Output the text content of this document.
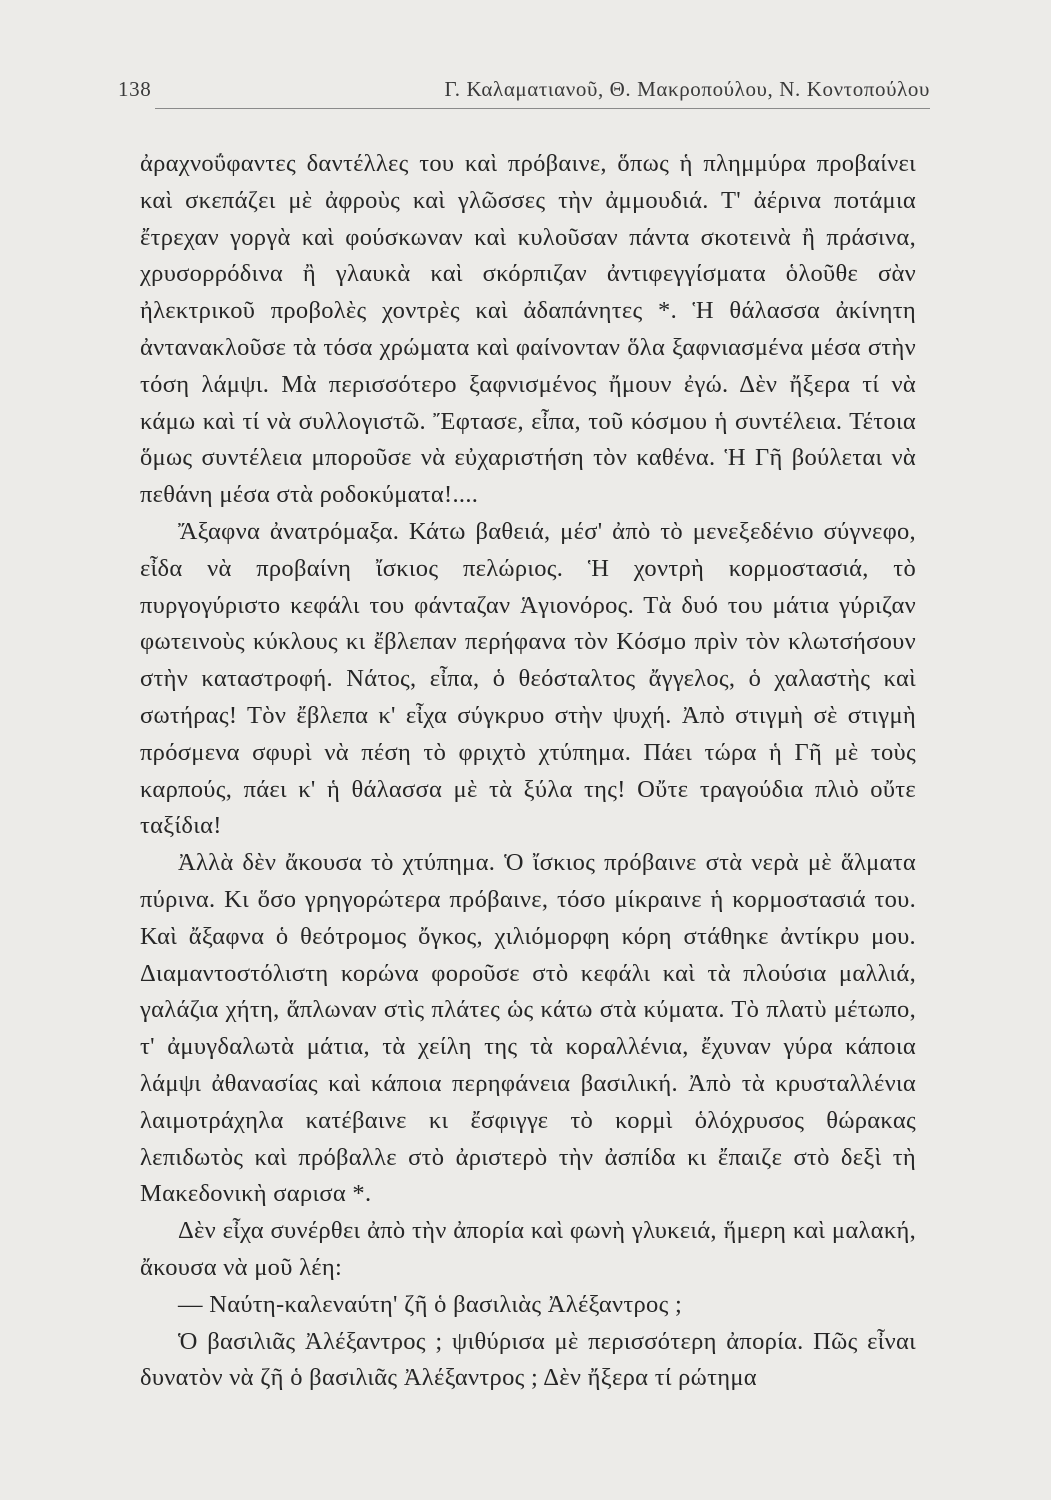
138	Γ. Καλαματιανοῦ, Θ. Μακροπούλου, Ν. Κοντοπούλου

ἀραχνοΰφαντες δαντέλλες του καὶ πρόβαινε, ὅπως ἡ πλημμύρα προβαίνει καὶ σκεπάζει μὲ ἀφροὺς καὶ γλῶσσες τὴν ἀμμουδιά. Τ' ἀέρινα ποτάμια ἔτρεχαν γοργὰ καὶ φούσκωναν καὶ κυλοῦσαν πάντα σκοτεινὰ ἢ πράσινα, χρυσορρόδινα ἢ γλαυκὰ καὶ σκόρπιζαν ἀντιφεγγίσματα ὁλοῦθε σὰν ἠλεκτρικοῦ προβολὲς χοντρὲς καὶ ἀδαπάνητες *. Ἡ θάλασσα ἀκίνητη ἀντανακλοῦσε τὰ τόσα χρώματα καὶ φαίνονταν ὅλα ξαφνιασμένα μέσα στὴν τόση λάμψι. Μὰ περισσότερο ξαφνισμένος ἤμουν ἐγώ. Δὲν ἤξερα τί νὰ κάμω καὶ τί νὰ συλλογιστῶ. Ἔφτασε, εἶπα, τοῦ κόσμου ἡ συντέλεια. Τέτοια ὅμως συντέλεια μποροῦσε νὰ εὐχαριστήση τὸν καθένα. Ἡ Γῆ βούλεται νὰ πεθάνη μέσα στὰ ροδοκύματα!....

Ἄξαφνα ἀνατρόμαξα. Κάτω βαθειά, μέσ' ἀπὸ τὸ μενεξεδένιο σύγνεφο, εἶδα νὰ προβαίνη ἴσκιος πελώριος. Ἡ χοντρὴ κορμοστασιά, τὸ πυργογύριστο κεφάλι του φάνταζαν Ἁγιονόρος. Τὰ δυό του μάτια γύριζαν φωτεινοὺς κύκλους κι ἔβλεπαν περήφανα τὸν Κόσμο πρὶν τὸν κλωτσήσουν στὴν καταστροφή. Νάτος, εἶπα, ὁ θεόσταλτος ἄγγελος, ὁ χαλαστὴς καὶ σωτήρας! Τὸν ἔβλεπα κ' εἶχα σύγκρυο στὴν ψυχή. Ἀπὸ στιγμὴ σὲ στιγμὴ πρόσμενα σφυρὶ νὰ πέση τὸ φριχτὸ χτύπημα. Πάει τώρα ἡ Γῆ μὲ τοὺς καρπούς, πάει κ' ἡ θάλασσα μὲ τὰ ξύλα της! Οὔτε τραγούδια πλιὸ οὔτε ταξίδια!

Ἀλλὰ δὲν ἄκουσα τὸ χτύπημα. Ὁ ἴσκιος πρόβαινε στὰ νερὰ μὲ ἅλματα πύρινα. Κι ὅσο γρηγορώτερα πρόβαινε, τόσο μίκραινε ἡ κορμοστασιά του. Καὶ ἄξαφνα ὁ θεότρομος ὄγκος, χιλιόμορφη κόρη στάθηκε ἀντίκρυ μου. Διαμαντοστόλιστη κορώνα φοροῦσε στὸ κεφάλι καὶ τὰ πλούσια μαλλιά, γαλάζια χήτη, ἅπλωναν στὶς πλάτες ὡς κάτω στὰ κύματα. Τὸ πλατὺ μέτωπο, τ' ἀμυγδαλωτὰ μάτια, τὰ χείλη της τὰ κοραλλένια, ἔχυναν γύρα κάποια λάμψι ἀθανασίας καὶ κάποια περηφάνεια βασιλική. Ἀπὸ τὰ κρυσταλλένια λαιμοτράχηλα κατέβαινε κι ἔσφιγγε τὸ κορμὶ ὁλόχρυσος θώρακας λεπιδωτὸς καὶ πρόβαλλε στὸ ἀριστερὸ τὴν ἀσπίδα κι ἔπαιζε στὸ δεξὶ τὴ Μακεδονικὴ σαρισα *.

Δὲν εἶχα συνέρθει ἀπὸ τὴν ἀπορία καὶ φωνὴ γλυκειά, ἥμερη καὶ μαλακή, ἄκουσα νὰ μοῦ λέη:

— Ναύτη-καλεναύτη' ζῆ ὁ βασιλιὰς Ἀλέξαντρος ;

Ὁ βασιλιᾶς Ἀλέξαντρος ; ψιθύρισα μὲ περισσότερη ἀπορία. Πῶς εἶναι δυνατὸν νὰ ζῆ ὁ βασιλιᾶς Ἀλέξαντρος ; Δὲν ἤξερα τί ρώτημα
